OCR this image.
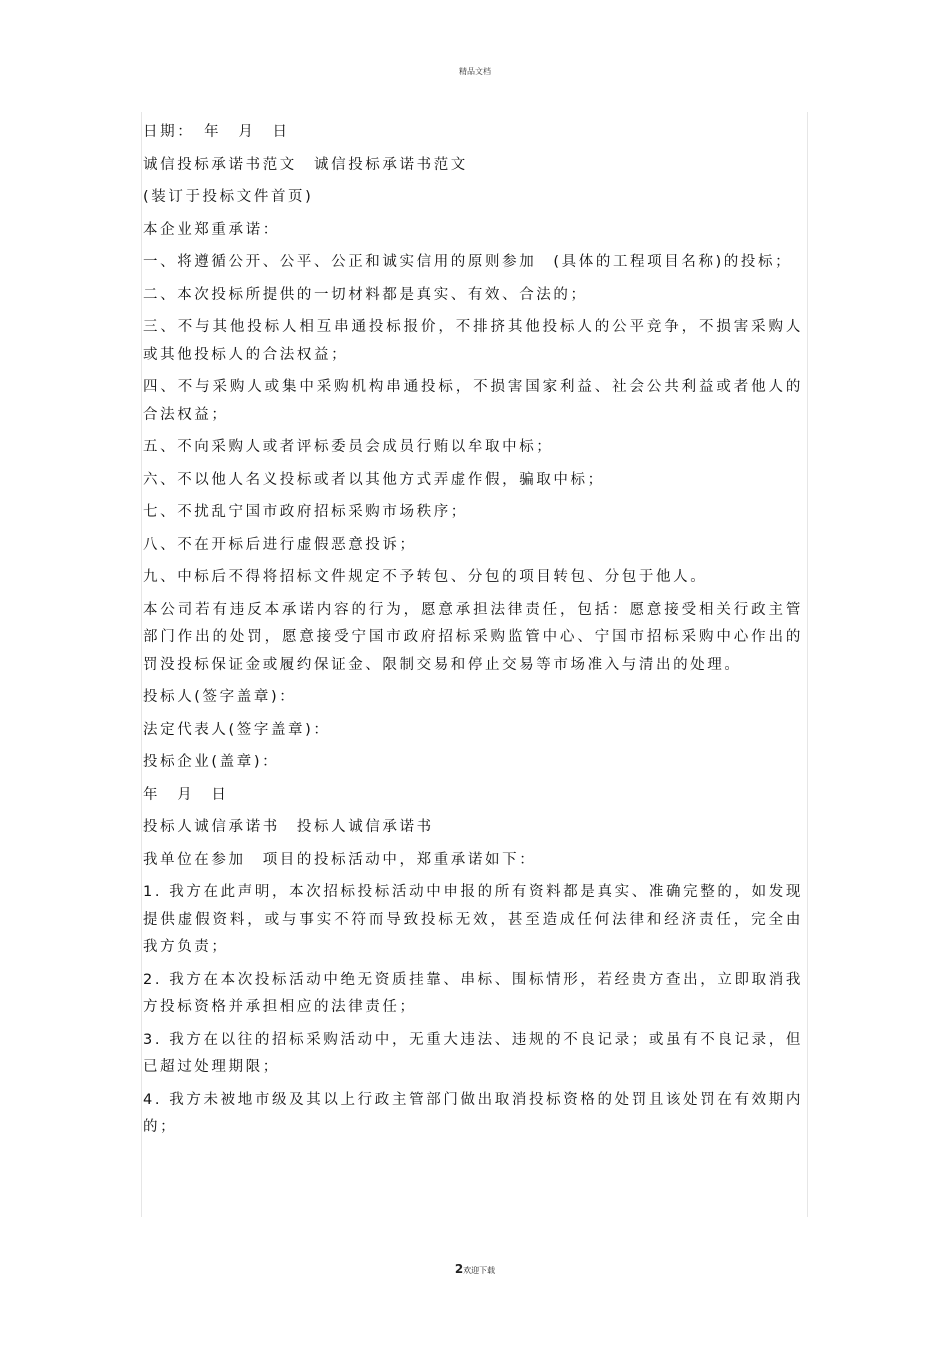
精品文档

日期：　年　月　日

诚信投标承诺书范文　诚信投标承诺书范文

(装订于投标文件首页)

本企业郑重承诺：

一、将遵循公开、公平、公正和诚实信用的原则参加　(具体的工程项目名称)的投标；

二、本次投标所提供的一切材料都是真实、有效、合法的；

三、不与其他投标人相互串通投标报价，不排挤其他投标人的公平竞争，不损害采购人或其他投标人的合法权益；

四、不与采购人或集中采购机构串通投标，不损害国家利益、社会公共利益或者他人的合法权益；

五、不向采购人或者评标委员会成员行贿以牟取中标；

六、不以他人名义投标或者以其他方式弄虚作假，骗取中标；

七、不扰乱宁国市政府招标采购市场秩序；

八、不在开标后进行虚假恶意投诉；

九、中标后不得将招标文件规定不予转包、分包的项目转包、分包于他人。

本公司若有违反本承诺内容的行为，愿意承担法律责任，包括：愿意接受相关行政主管部门作出的处罚，愿意接受宁国市政府招标采购监管中心、宁国市招标采购中心作出的罚没投标保证金或履约保证金、限制交易和停止交易等市场准入与清出的处理。

投标人(签字盖章)：

法定代表人(签字盖章)：

投标企业(盖章)：

年　月　日

投标人诚信承诺书　投标人诚信承诺书

我单位在参加　项目的投标活动中，郑重承诺如下：

1. 我方在此声明，本次招标投标活动中申报的所有资料都是真实、准确完整的，如发现提供虚假资料，或与事实不符而导致投标无效，甚至造成任何法律和经济责任，完全由我方负责；

2. 我方在本次投标活动中绝无资质挂靠、串标、围标情形，若经贵方查出，立即取消我方投标资格并承担相应的法律责任；

3. 我方在以往的招标采购活动中，无重大违法、违规的不良记录；或虽有不良记录，但已超过处理期限；

4. 我方未被地市级及其以上行政主管部门做出取消投标资格的处罚且该处罚在有效期内的；

2欢迎下载
